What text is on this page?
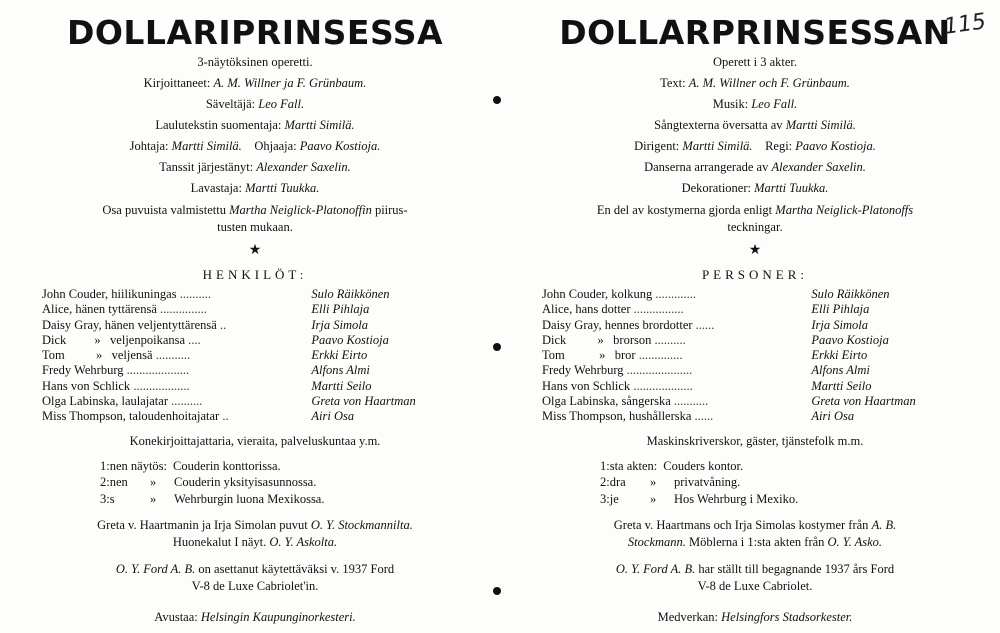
DOLLARIPRINSESSA
3-näytöksinen operetti.
Kirjoittaneet: A. M. Willner ja F. Grünbaum.
Säveltäjä: Leo Fall.
Laulutekstin suomentaja: Martti Similä.
Johtaja: Martti Similä. Ohjaaja: Paavo Kostioja.
Tanssit järjestänyt: Alexander Saxelin.
Lavastaja: Martti Tuukka.
Osa puvuista valmistettu Martha Neiglick-Platonoffin piirus-
tusten mukaan.
★
HENKILÖT:
John Couder, hiilikuningas ..........	Sulo Räikkönen
Alice, hänen tyttärensä ...............	Elli Pihlaja
Daisy Gray, hänen veljentyttärensä ..	Irja Simola
Dick         »   veljenpoikansa ....	Paavo Kostioja
Tom          »   veljensä ...........	Erkki Eirto
Fredy Wehrburg ....................	Alfons Almi
Hans von Schlick ..................	Martti Seilo
Olga Labinska, laulajatar ..........	Greta von Haartman
Miss Thompson, taloudenhoitajatar ..	Airi Osa
Konekirjoittajattaria, vieraita, palveluskuntaa y.m.
1:nen näytös: Couderin konttorissa.
2:nen » Couderin yksityisasunnossa.
3:s	» Wehrburgin luona Mexikossa.
Greta v. Haartmanin ja Irja Simolan puvut O. Y. Stockmannilta.
Huonekalut I näyt. O. Y. Askolta.
O. Y. Ford A. B. on asettanut käytettäväksi v. 1937 Ford
V-8 de Luxe Cabriolet'in.
Avustaa: Helsingin Kaupunginorkesteri.
DOLLARPRINSESSAN
Operett i 3 akter.
Text: A. M. Willner och F. Grünbaum.
Musik: Leo Fall.
Sångtexterna översatta av Martti Similä.
Dirigent: Martti Similä. Regi: Paavo Kostioja.
Danserna arrangerade av Alexander Saxelin.
Dekorationer: Martti Tuukka.
En del av kostymerna gjorda enligt Martha Neiglick-Platonoffs
teckningar.
★
PERSONER:
John Couder, kolkung .............	Sulo Räikkönen
Alice, hans dotter ................	Elli Pihlaja
Daisy Gray, hennes brordotter ......	Irja Simola
Dick          »   brorson ..........	Paavo Kostioja
Tom           »   bror ..............	Erkki Eirto
Fredy Wehrburg .....................	Alfons Almi
Hans von Schlick ...................	Martti Seilo
Olga Labinska, sångerska ...........	Greta von Haartman
Miss Thompson, hushållerska ......	Airi Osa
Maskinskriverskor, gäster, tjänstefolk m.m.
1:sta akten: Couders kontor.
2:dra » privatvåning.
3:je	» Hos Wehrburg i Mexiko.
Greta v. Haartmans och Irja Simolas kostymer från A. B.
Stockmann. Möblerna i 1:sta akten från O. Y. Asko.
O. Y. Ford A. B. har ställt till begagnande 1937 års Ford
V-8 de Luxe Cabriolet.
Medverkan: Helsingfors Stadsorkester.
115
